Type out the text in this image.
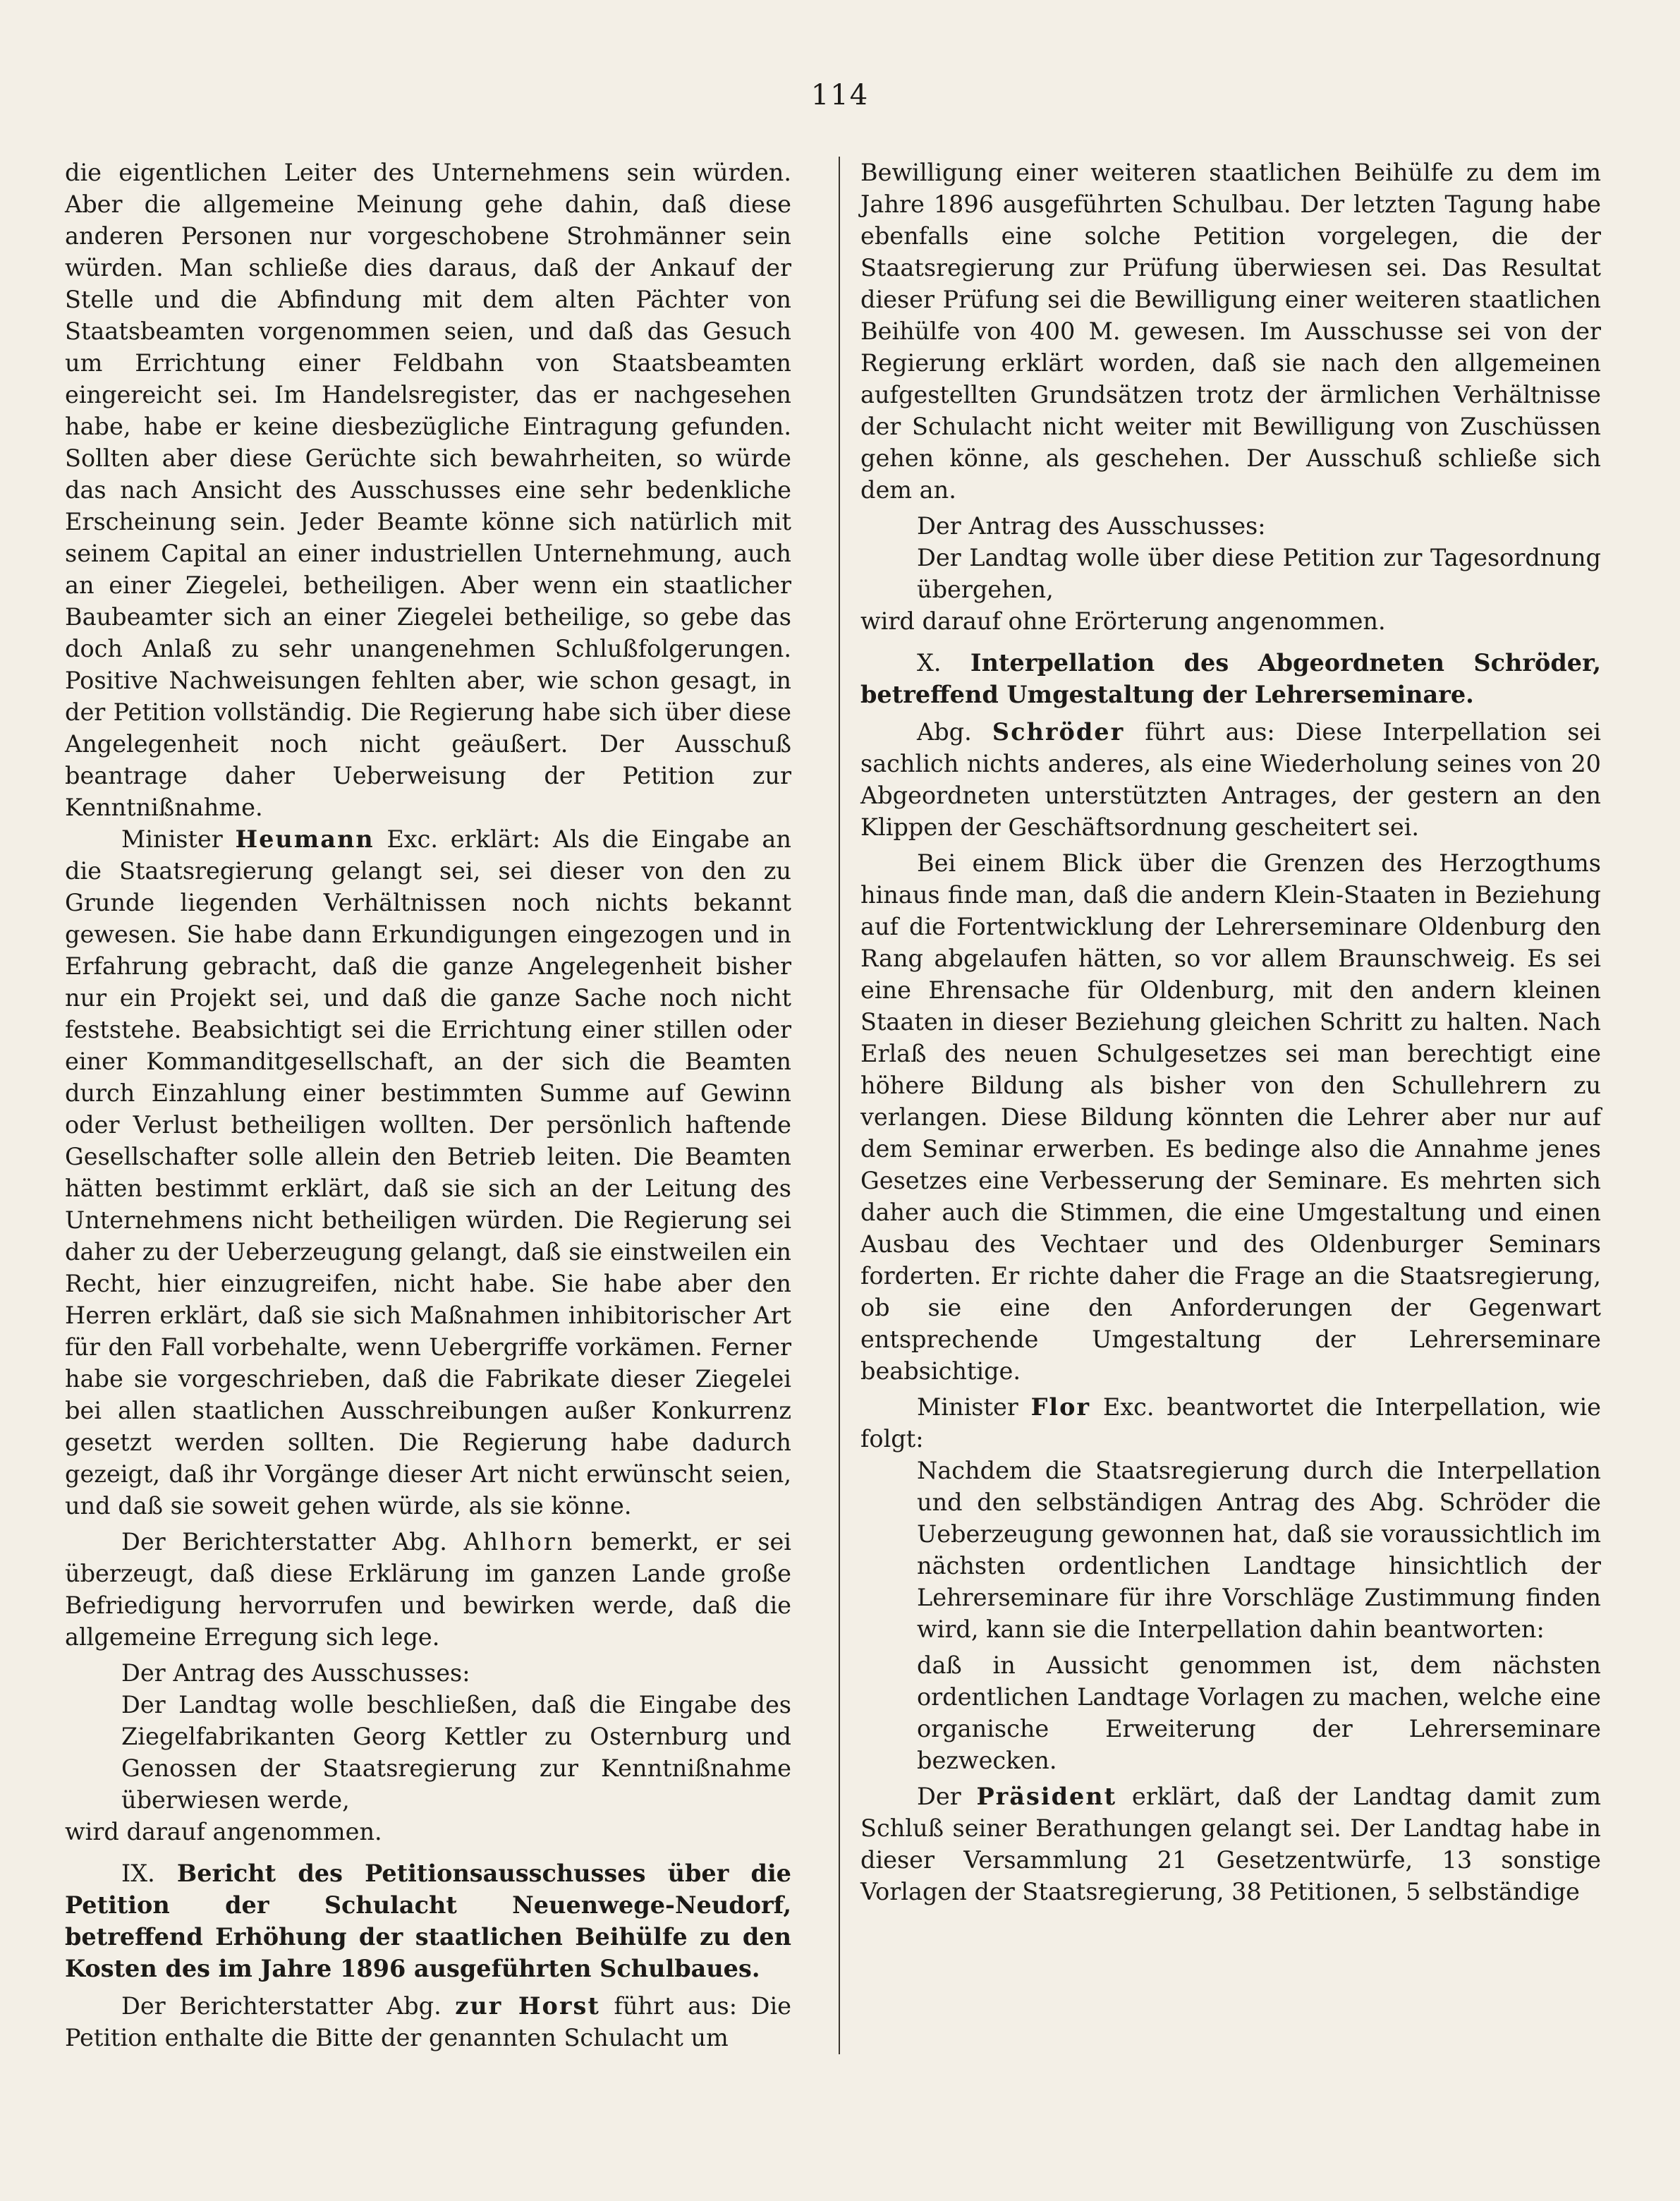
114

die eigentlichen Leiter des Unternehmens sein würden. Aber die allgemeine Meinung gehe dahin, daß diese anderen Personen nur vorgeschobene Strohmänner sein würden. Man schließe dies daraus, daß der Ankauf der Stelle und die Abfindung mit dem alten Pächter von Staatsbeamten vorgenommen seien, und daß das Gesuch um Errichtung einer Feldbahn von Staatsbeamten eingereicht sei. Im Handelsregister, das er nachgesehen habe, habe er keine diesbezügliche Eintragung gefunden. Sollten aber diese Gerüchte sich bewahrheiten, so würde das nach Ansicht des Ausschusses eine sehr bedenkliche Erscheinung sein. Jeder Beamte könne sich natürlich mit seinem Capital an einer industriellen Unternehmung, auch an einer Ziegelei, betheiligen. Aber wenn ein staatlicher Baubeamter sich an einer Ziegelei betheilige, so gebe das doch Anlaß zu sehr unangenehmen Schlußfolgerungen. Positive Nachweisungen fehlten aber, wie schon gesagt, in der Petition vollständig. Die Regierung habe sich über diese Angelegenheit noch nicht geäußert. Der Ausschuß beantrage daher Ueberweisung der Petition zur Kenntnißnahme.

Minister Heumann Exc. erklärt: Als die Eingabe an die Staatsregierung gelangt sei, sei dieser von den zu Grunde liegenden Verhältnissen noch nichts bekannt gewesen. Sie habe dann Erkundigungen eingezogen und in Erfahrung gebracht, daß die ganze Angelegenheit bisher nur ein Projekt sei, und daß die ganze Sache noch nicht feststehe. Beabsichtigt sei die Errichtung einer stillen oder einer Kommanditgesellschaft, an der sich die Beamten durch Einzahlung einer bestimmten Summe auf Gewinn oder Verlust betheiligen wollten. Der persönlich haftende Gesellschafter solle allein den Betrieb leiten. Die Beamten hätten bestimmt erklärt, daß sie sich an der Leitung des Unternehmens nicht betheiligen würden. Die Regierung sei daher zu der Ueberzeugung gelangt, daß sie einstweilen ein Recht, hier einzugreifen, nicht habe. Sie habe aber den Herren erklärt, daß sie sich Maßnahmen inhibitorischer Art für den Fall vorbehalte, wenn Uebergriffe vorkämen. Ferner habe sie vorgeschrieben, daß die Fabrikate dieser Ziegelei bei allen staatlichen Ausschreibungen außer Konkurrenz gesetzt werden sollten. Die Regierung habe dadurch gezeigt, daß ihr Vorgänge dieser Art nicht erwünscht seien, und daß sie soweit gehen würde, als sie könne.

Der Berichterstatter Abg. Ahlhorn bemerkt, er sei überzeugt, daß diese Erklärung im ganzen Lande große Befriedigung hervorrufen und bewirken werde, daß die allgemeine Erregung sich lege.

Der Antrag des Ausschusses:

Der Landtag wolle beschließen, daß die Eingabe des Ziegelfabrikanten Georg Kettler zu Osternburg und Genossen der Staatsregierung zur Kenntnißnahme überwiesen werde,

wird darauf angenommen.

IX. Bericht des Petitionsausschusses über die Petition der Schulacht Neuenwege-Neudorf, betreffend Erhöhung der staatlichen Beihülfe zu den Kosten des im Jahre 1896 ausgeführten Schulbaues.

Der Berichterstatter Abg. zur Horst führt aus: Die Petition enthalte die Bitte der genannten Schulacht um

Bewilligung einer weiteren staatlichen Beihülfe zu dem im Jahre 1896 ausgeführten Schulbau. Der letzten Tagung habe ebenfalls eine solche Petition vorgelegen, die der Staatsregierung zur Prüfung überwiesen sei. Das Resultat dieser Prüfung sei die Bewilligung einer weiteren staatlichen Beihülfe von 400 M. gewesen. Im Ausschusse sei von der Regierung erklärt worden, daß sie nach den allgemeinen aufgestellten Grundsätzen trotz der ärmlichen Verhältnisse der Schulacht nicht weiter mit Bewilligung von Zuschüssen gehen könne, als geschehen. Der Ausschuß schließe sich dem an.

Der Antrag des Ausschusses:

Der Landtag wolle über diese Petition zur Tagesordnung übergehen,

wird darauf ohne Erörterung angenommen.

X. Interpellation des Abgeordneten Schröder, betreffend Umgestaltung der Lehrerseminare.

Abg. Schröder führt aus: Diese Interpellation sei sachlich nichts anderes, als eine Wiederholung seines von 20 Abgeordneten unterstützten Antrages, der gestern an den Klippen der Geschäftsordnung gescheitert sei.

Bei einem Blick über die Grenzen des Herzogthums hinaus finde man, daß die andern Klein-Staaten in Beziehung auf die Fortentwicklung der Lehrerseminare Oldenburg den Rang abgelaufen hätten, so vor allem Braunschweig. Es sei eine Ehrensache für Oldenburg, mit den andern kleinen Staaten in dieser Beziehung gleichen Schritt zu halten. Nach Erlaß des neuen Schulgesetzes sei man berechtigt eine höhere Bildung als bisher von den Schullehrern zu verlangen. Diese Bildung könnten die Lehrer aber nur auf dem Seminar erwerben. Es bedinge also die Annahme jenes Gesetzes eine Verbesserung der Seminare. Es mehrten sich daher auch die Stimmen, die eine Umgestaltung und einen Ausbau des Vechtaer und des Oldenburger Seminars forderten. Er richte daher die Frage an die Staatsregierung, ob sie eine den Anforderungen der Gegenwart entsprechende Umgestaltung der Lehrerseminare beabsichtige.

Minister Flor Exc. beantwortet die Interpellation, wie folgt:

Nachdem die Staatsregierung durch die Interpellation und den selbständigen Antrag des Abg. Schröder die Ueberzeugung gewonnen hat, daß sie voraussichtlich im nächsten ordentlichen Landtage hinsichtlich der Lehrerseminare für ihre Vorschläge Zustimmung finden wird, kann sie die Interpellation dahin beantworten:

daß in Aussicht genommen ist, dem nächsten ordentlichen Landtage Vorlagen zu machen, welche eine organische Erweiterung der Lehrerseminare bezwecken.

Der Präsident erklärt, daß der Landtag damit zum Schluß seiner Berathungen gelangt sei. Der Landtag habe in dieser Versammlung 21 Gesetzentwürfe, 13 sonstige Vorlagen der Staatsregierung, 38 Petitionen, 5 selbständige
